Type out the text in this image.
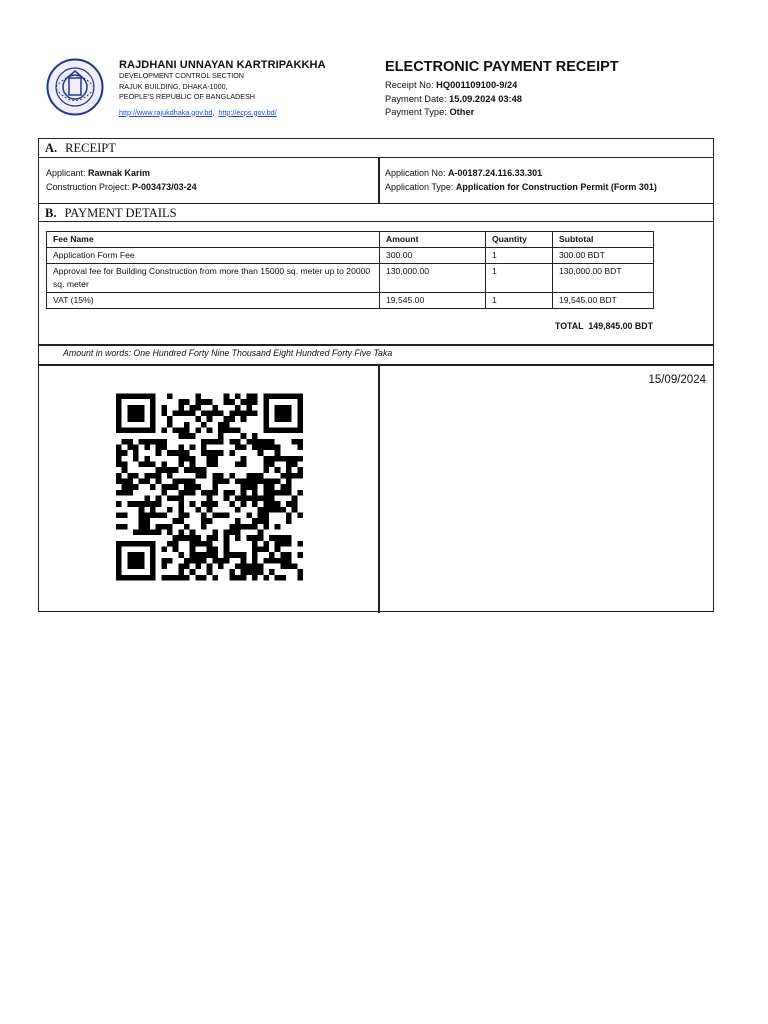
RAJDHANI UNNAYAN KARTRIPAKKHA
DEVELOPMENT CONTROL SECTION
RAJUK BUILDING, DHAKA-1000,
PEOPLE'S REPUBLIC OF BANGLADESH
http://www.rajukdhaka.gov.bd, http://ecps.gov.bd/
ELECTRONIC PAYMENT RECEIPT
Receipt No: HQ001109100-9/24
Payment Date: 15.09.2024 03:48
Payment Type: Other
A. RECEIPT
Applicant: Rawnak Karim
Construction Project: P-003473/03-24
Application No: A-00187.24.116.33.301
Application Type: Application for Construction Permit (Form 301)
B. PAYMENT DETAILS
Fee Name	Amount	Quantity	Subtotal
Application Form Fee	300.00	1	300.00 BDT
Approval fee for Building Construction from more than 15000 sq. meter up to 20000 sq. meter	130,000.00	1	130,000.00 BDT
VAT (15%)	19,545.00	1	19,545.00 BDT
TOTAL 149,845.00 BDT
Amount in words: One Hundred Forty Nine Thousand Eight Hundred Forty Five Taka
15/09/2024
